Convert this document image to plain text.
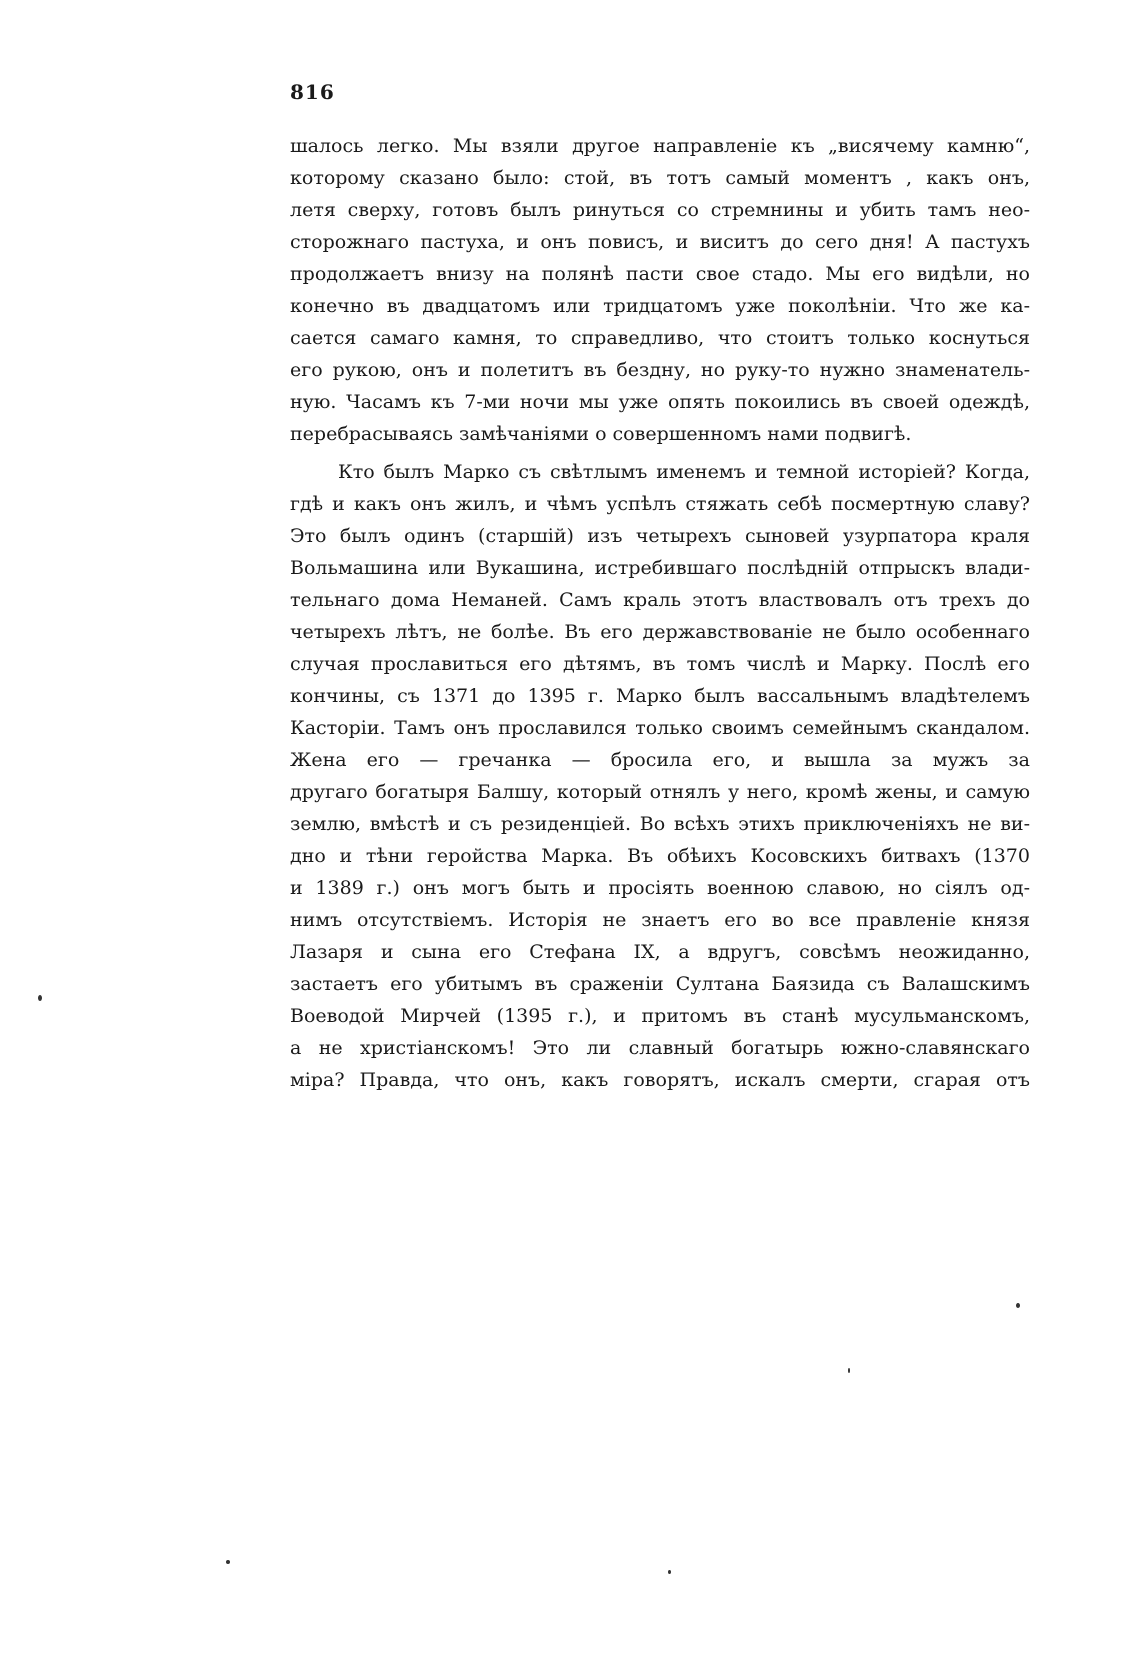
816
шалось легко. Мы взяли другое направленіе къ „висячему камню“,
которому сказано было: стой, въ тотъ самый моментъ , какъ онъ,
летя сверху, готовъ былъ ринуться со стремнины и убить тамъ нео-
сторожнаго пастуха, и онъ повисъ, и виситъ до сего дня! А пастухъ
продолжаетъ внизу на полянѣ пасти свое стадо. Мы его видѣли, но
конечно въ двадцатомъ или тридцатомъ уже поколѣніи. Что же ка-
сается самаго камня, то справедливо, что стоитъ только коснуться
его рукою, онъ и полетитъ въ бездну, но руку-то нужно знаменатель-
ную. Часамъ къ 7-ми ночи мы уже опять покоились въ своей одеждѣ,
перебрасываясь замѣчаніями о совершенномъ нами подвигѣ.
Кто былъ Марко съ свѣтлымъ именемъ и темной исторіей? Когда,
гдѣ и какъ онъ жилъ, и чѣмъ успѣлъ стяжать себѣ посмертную славу?
Это былъ одинъ (старшій) изъ четырехъ сыновей узурпатора краля
Вольмашина или Вукашина, истребившаго послѣдній отпрыскъ влади-
тельнаго дома Неманей. Самъ краль этотъ властвовалъ отъ трехъ до
четырехъ лѣтъ, не болѣе. Въ его державствованіе не было особеннаго
случая прославиться его дѣтямъ, въ томъ числѣ и Марку. Послѣ его
кончины, съ 1371 до 1395 г. Марко былъ вассальнымъ владѣтелемъ
Касторіи. Тамъ онъ прославился только своимъ семейнымъ скандалом.
Жена его — гречанка — бросила его, и вышла за мужъ за
другаго богатыря Балшу, который отнялъ у него, кромѣ жены, и самую
землю, вмѣстѣ и съ резиденціей. Во всѣхъ этихъ приключеніяхъ не ви-
дно и тѣни геройства Марка. Въ обѣихъ Косовскихъ битвахъ (1370
и 1389 г.) онъ могъ быть и просіять военною славою, но сіялъ од-
нимъ отсутствіемъ. Исторія не знаетъ его во все правленіе князя
Лазаря и сына его Стефана IX, а вдругъ, совсѣмъ неожиданно,
застаетъ его убитымъ въ сраженіи Султана Баязида съ Валашскимъ
Воеводой Мирчей (1395 г.), и притомъ въ станѣ мусульманскомъ,
а не христіанскомъ! Это ли славный богатырь южно-славянскаго
міра? Правда, что онъ, какъ говорятъ, искалъ смерти, сгарая отъ
